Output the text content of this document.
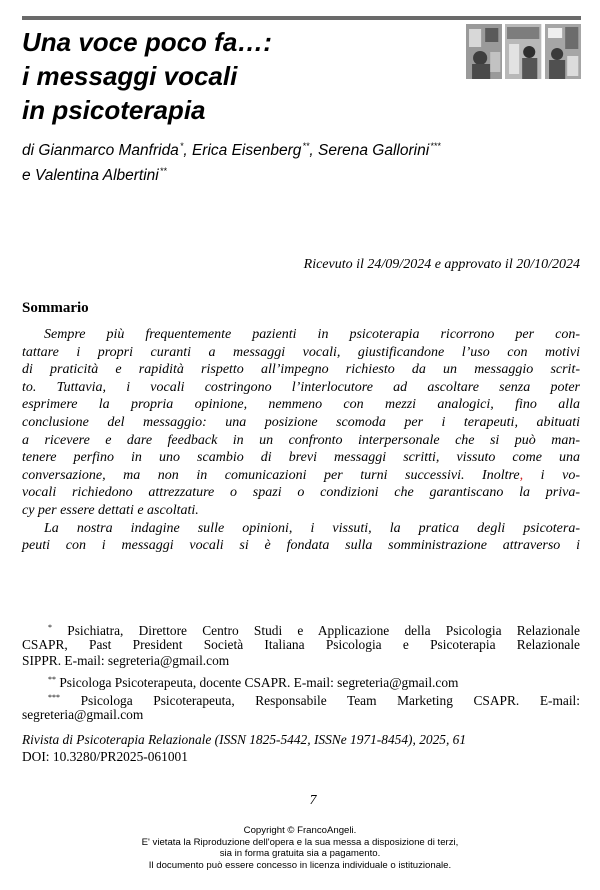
Una voce poco fa…:
i messaggi vocali
in psicoterapia
di Gianmarco Manfrida*, Erica Eisenberg**, Serena Gallorini***
e Valentina Albertini**
Ricevuto il 24/09/2024 e approvato il 20/10/2024
Sommario
Sempre più frequentemente pazienti in psicoterapia ricorrono per con-
tattare i propri curanti a messaggi vocali, giustificandone l’uso con motivi
di praticità e rapidità rispetto all’impegno richiesto da un messaggio scrit-
to. Tuttavia, i vocali costringono l’interlocutore ad ascoltare senza poter
esprimere la propria opinione, nemmeno con mezzi analogici, fino alla
conclusione del messaggio: una posizione scomoda per i terapeuti, abituati
a ricevere e dare feedback in un confronto interpersonale che si può man-
tenere perfino in uno scambio di brevi messaggi scritti, vissuto come una
conversazione, ma non in comunicazioni per turni successivi. Inoltre, i vo-
vocali richiedono attrezzature o spazi o condizioni che garantiscano la priva-
cy per essere dettati e ascoltati.
La nostra indagine sulle opinioni, i vissuti, la pratica degli psicotera-
peuti con i messaggi vocali si è fondata sulla somministrazione attraverso i
* Psichiatra, Direttore Centro Studi e Applicazione della Psicologia Relazionale
CSAPR, Past President Società Italiana Psicologia e Psicoterapia Relazionale
SIPPR. E-mail: segreteria@gmail.com
** Psicologa Psicoterapeuta, docente CSAPR. E-mail: segreteria@gmail.com
*** Psicologa Psicoterapeuta, Responsabile Team Marketing CSAPR. E-mail:
segreteria@gmail.com
Rivista di Psicoterapia Relazionale (ISSN 1825-5442, ISSNe 1971-8454), 2025, 61
DOI: 10.3280/PR2025-061001
7
Copyright © FrancoAngeli.
E' vietata la Riproduzione dell'opera e la sua messa a disposizione di terzi,
sia in forma gratuita sia a pagamento.
Il documento può essere concesso in licenza individuale o istituzionale.
